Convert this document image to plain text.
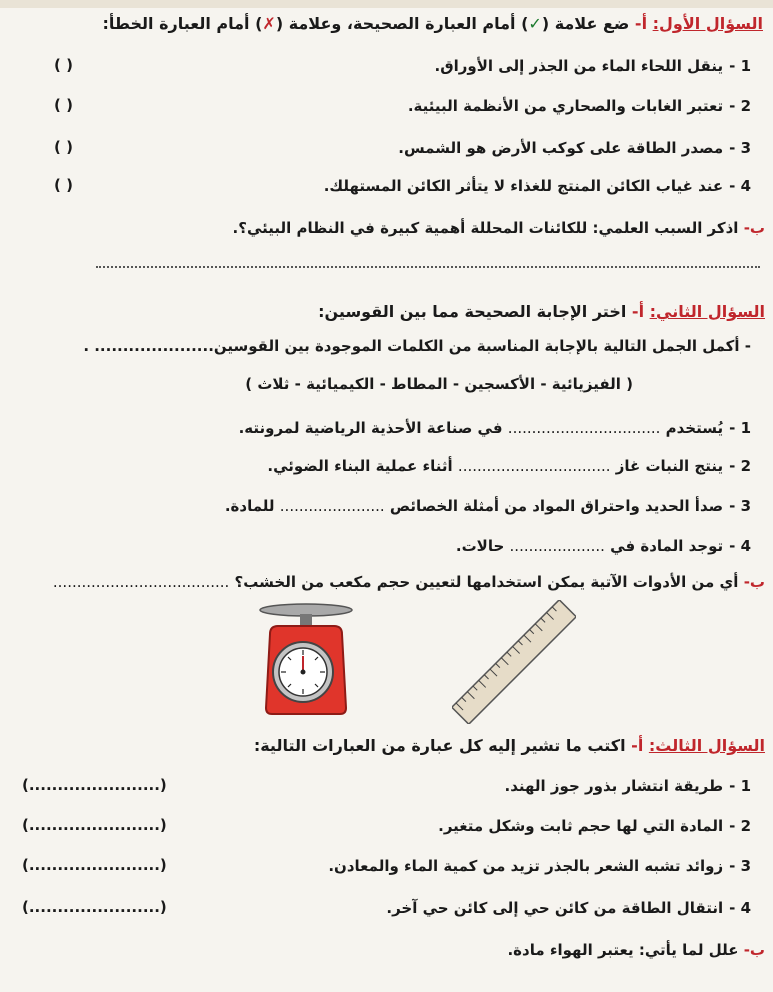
السؤال الأول: أ- ضع علامة (✓) أمام العبارة الصحيحة، وعلامة (✗) أمام العبارة الخطأ:
1 -ينقل اللحاء الماء من الجذر إلى الأوراق.
( )
2 -تعتبر الغابات والصحاري من الأنظمة البيئية.
( )
3 -مصدر الطاقة على كوكب الأرض هو الشمس.
( )
4 -عند غياب الكائن المنتج للغذاء لا يتأثر الكائن المستهلك.
( )
ب- اذكر السبب العلمي: للكائنات المحللة أهمية كبيرة في النظام البيئي؟.
السؤال الثاني: أ- اختر الإجابة الصحيحة مما بين القوسين:
- أكمل الجمل التالية بالإجابة المناسبة من الكلمات الموجودة بين القوسين..................... .
( الفيزيائية - الأكسجين - المطاط - الكيميائية - ثلاث )
1 -يُستخدم ................................ في صناعة الأحذية الرياضية لمرونته.
2 -ينتج النبات غاز ................................ أثناء عملية البناء الضوئي.
3 -صدأ الحديد واحتراق المواد من أمثلة الخصائص ...................... للمادة.
4 -توجد المادة في .................... حالات.
ب- أي من الأدوات الآتية يمكن استخدامها لتعيين حجم مكعب من الخشب؟ .....................................
السؤال الثالث: أ- اكتب ما تشير إليه كل عبارة من العبارات التالية:
1 -طريقة انتشار بذور جوز الهند.
(.......................)
2 -المادة التي لها حجم ثابت وشكل متغير.
(.......................)
3 -زوائد تشبه الشعر بالجذر تزيد من كمية الماء والمعادن.
(.......................)
4 -انتقال الطاقة من كائن حي إلى كائن حي آخر.
(.......................)
ب- علل لما يأتي: يعتبر الهواء مادة.
